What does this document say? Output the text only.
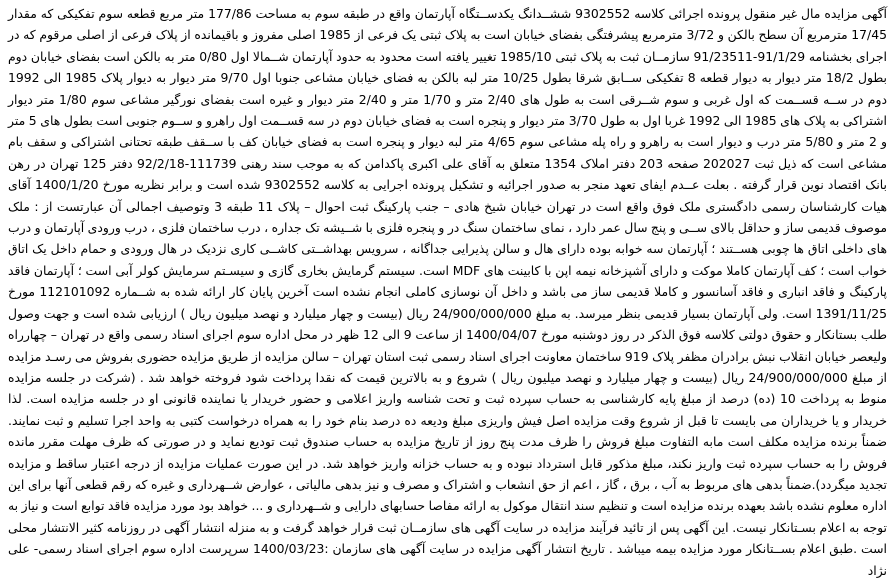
آگهی مزایده مال غیر منقول پرونده اجرائی کلاسه 9302552 ششــدانگ یکدســتگاه آپارتمان واقع در طبقه سوم به مساحت 177/86 متر مربع قطعه سوم تفکیکی که مقدار 17/45 مترمربع آن سطح بالکن و 3/72 مترمربع پیشرفتگی بفضای خیابان است به پلاک ثبتی یک فرعی از 1985 اصلی مفروز و باقیمانده از پلاک فرعی از اصلی مرقوم که در اجرای بخشنامه 91/1/29-91/23511 سازمــان ثبت به پلاک ثبتی 1985/10 تغییر یافته است محدود به حدود آپارتمان شــمالا اول 0/80 متر به بالکن است بفضای خیابان دوم بطول 18/2 متر دیوار به دیوار قطعه 8 تفکیکی ســابق شرقا بطول 10/25 متر لبه بالکن به فضای خیابان مشاعی جنوبا اول 9/70 متر دیوار به دیوار پلاک 1985 الی 1992 دوم در ســه قســمت که اول غربی و سوم شــرقی است به طول های 2/40 متر و 1/70 متر و 2/40 متر دیوار و غیره است بفضای نورگیر مشاعی سوم 1/80 متر دیوار اشتراکی به پلاک های 1985 الی 1992 غربا اول به طول 3/70 متر دیوار و پنجره است به فضای خیابان دوم در سه قســمت اول راهرو و ســوم جنوبی است بطول های 5 متر و 2 متر و 5/80 متر درب و دیوار است به راهرو و راه پله مشاعی سوم 4/65 متر لبه دیوار و پنجره است به فضای خیابان کف با ســقف طبقه تحتانی اشتراکی و سقف بام مشاعی است که ذیل ثبت 202027 صفحه 203 دفتر املاک 1354 متعلق به آقای علی اکبری پاکدامن که به موجب سند رهنی 111739-92/2/18 دفتر 125 تهران در رهن بانک اقتصاد نوین قرار گرفته . بعلت عــدم ایفای تعهد منجر به صدور اجرائیه و تشکیل پرونده اجرایی به کلاسه 9302552 شده است و برابر نظریه مورخ 1400/1/20 آقای هیات کارشناسان رسمی دادگستری ملک فوق واقع است در تهران خیابان شیخ هادی – جنب پارکینگ ثبت احوال – پلاک 11 طبقه 3 وتوصیف اجمالی آن عبارتست از : ملک موصوف قدیمی ساز و حداقل بالای ســی و پنج سال عمر دارد ، نمای ساختمان سنگ در و پنجره فلزی با شــیشه تک جداره ، درب ساختمان فلزی ، درب ورودی آپارتمان و درب های داخلی اتاق ها چوبی هســتند ؛ آپارتمان سه خوابه بوده دارای هال و سالن پذیرایی جداگانه ، سرویس بهداشــتی کاشــی کاری نزدیک در هال ورودی و حمام داخل یک اتاق خواب است ؛ کف آپارتمان کاملا موکت و دارای آشپزخانه نیمه اپن با کابینت های MDF است. سیستم گرمایش بخاری گازی و سیسـتم سرمایش کولر آبی است ؛ آپارتمان فاقد پارکینگ و فاقد انباری و فاقد آسانسور و کاملا قدیمی ساز می باشد و داخل آن نوسازی کاملی انجام نشده است آخرین پایان کار ارائه شده به شــماره 112101092 مورخ 1391/11/25 است. ولی آپارتمان بسیار قدیمی بنظر میرسد. به مبلغ 24/900/000/000 ریال (بیست و چهار میلیارد و نهصد میلیون ریال ) ارزیابی شده است و جهت وصول طلب بستانکار و حقوق دولتی کلاسه فوق الذکر در روز دوشنبه مورخ 1400/04/07 از ساعت 9 الی 12 ظهر در محل اداره سوم اجرای اسناد رسمی واقع در تهران – چهارراه ولیعصر خیابان انقلاب نبش برادران مظفر پلاک 919 ساختمان معاونت اجرای اسناد رسمی ثبت استان تهران – سالن مزایده از طریق مزایده حضوری بفروش می رسـد مزایده از مبلغ 24/900/000/000 ریال (بیست و چهار میلیارد و نهصد میلیون ریال ) شروع و به بالاترین قیمت که نقدا پرداخت شود فروخته خواهد شد . (شرکت در جلسه مزایده منوط به پرداخت 10 (ده) درصد از مبلغ پایه کارشناسی به حساب سپرده ثبت و تحت شناسه واریز اعلامی و حضور خریدار یا نماینده قانونی او در جلسه مزایده است. لذا خریدار و یا خریداران می بایست تا قبل از شروع وقت مزایده اصل فیش واریزی مبلغ ودیعه ده درصد بنام خود را به همراه درخواست کتبی به واحد اجرا تسلیم و ثبت نمایند. ضمناً برنده مزایده مکلف است مابه التفاوت مبلغ فروش را ظرف مدت پنج روز از تاریخ مزایده به حساب صندوق ثبت تودیع نماید و در صورتی که ظرف مهلت مقرر مانده فروش را به حساب سپرده ثبت واریز نکند، مبلغ مذکور قابل استرداد نبوده و به حساب خزانه واریز خواهد شد. در این صورت عملیات مزایده از درجه اعتبار ساقط و مزایده تجدید میگردد).ضمناً بدهی های مربوط به آب ، برق ، گاز ، اعم از حق انشعاب و اشتراک و مصرف و نیز بدهی مالیاتی ، عوارض شــهرداری و غیره که رقم قطعی آنها برای این اداره معلوم نشده باشد بعهده برنده مزایده است و تنظیم سند انتقال موکول به ارائه مفاصا حسابهای دارایی و شــهرداری و ... خواهد بود مورد مزایده فاقد توابع است و نیاز به توجه به اعلام بسـتانکار نیست. این آگهی پس از تائید فرآیند مزایده در سایت آگهی های سازمــان ثبت قرار خواهد گرفت و به منزله انتشار آگهی در روزنامه کثیر الانتشار محلی است .طبق اعلام بســتانکار مورد مزایده بیمه میباشد . تاریخ انتشار آگهی مزایده در سایت آگهی های سازمان :1400/03/23 سرپرست اداره سوم اجرای اسناد رسمی- علی نژاد
